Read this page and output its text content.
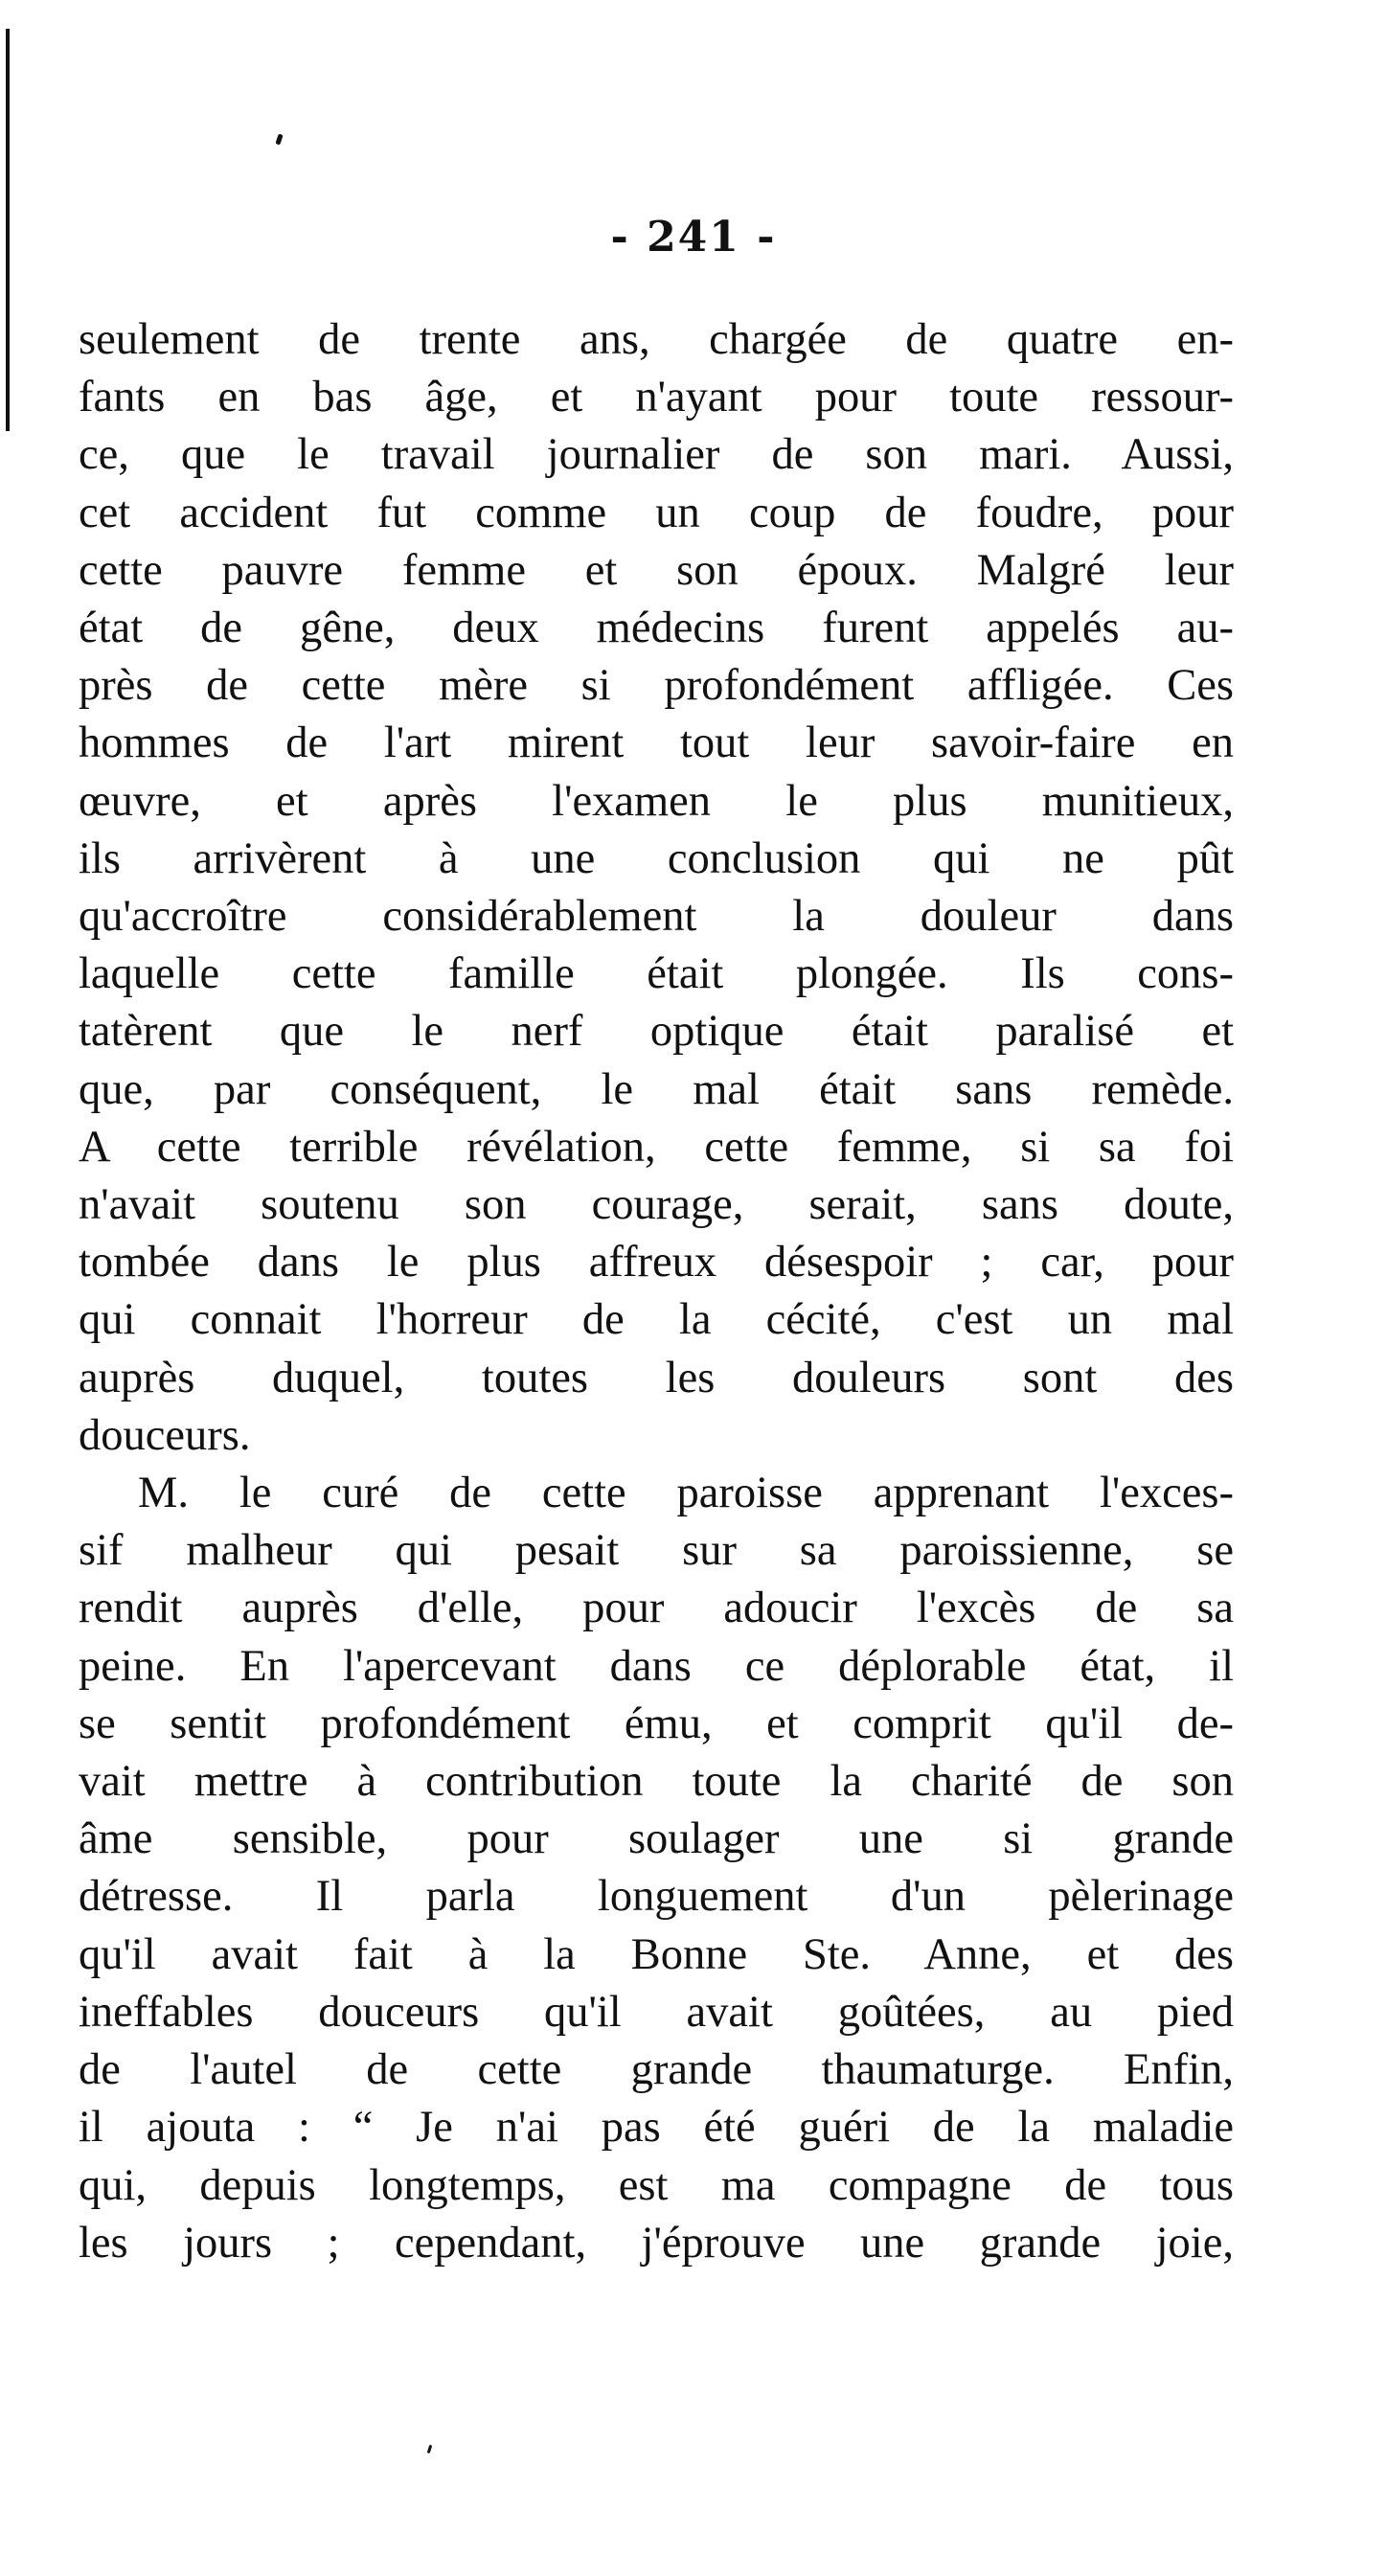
- 241 -
seulement de trente ans, chargée de quatre en-
fants en bas âge, et n'ayant pour toute ressour-
ce, que le travail journalier de son mari. Aussi,
cet accident fut comme un coup de foudre, pour
cette pauvre femme et son époux. Malgré leur
état de gêne, deux médecins furent appelés au-
près de cette mère si profondément affligée. Ces
hommes de l'art mirent tout leur savoir-faire en
œuvre, et après l'examen le plus munitieux,
ils arrivèrent à une conclusion qui ne pût
qu'accroître considérablement la douleur dans
laquelle cette famille était plongée. Ils cons-
tatèrent que le nerf optique était paralisé et
que, par conséquent, le mal était sans remède.
A cette terrible révélation, cette femme, si sa foi
n'avait soutenu son courage, serait, sans doute,
tombée dans le plus affreux désespoir ; car, pour
qui connait l'horreur de la cécité, c'est un mal
auprès duquel, toutes les douleurs sont des
douceurs.
M. le curé de cette paroisse apprenant l'exces-
sif malheur qui pesait sur sa paroissienne, se
rendit auprès d'elle, pour adoucir l'excès de sa
peine. En l'apercevant dans ce déplorable état, il
se sentit profondément ému, et comprit qu'il de-
vait mettre à contribution toute la charité de son
âme sensible, pour soulager une si grande
détresse. Il parla longuement d'un pèlerinage
qu'il avait fait à la Bonne Ste. Anne, et des
ineffables douceurs qu'il avait goûtées, au pied
de l'autel de cette grande thaumaturge. Enfin,
il ajouta : “ Je n'ai pas été guéri de la maladie
qui, depuis longtemps, est ma compagne de tous
les jours ; cependant, j'éprouve une grande joie,
